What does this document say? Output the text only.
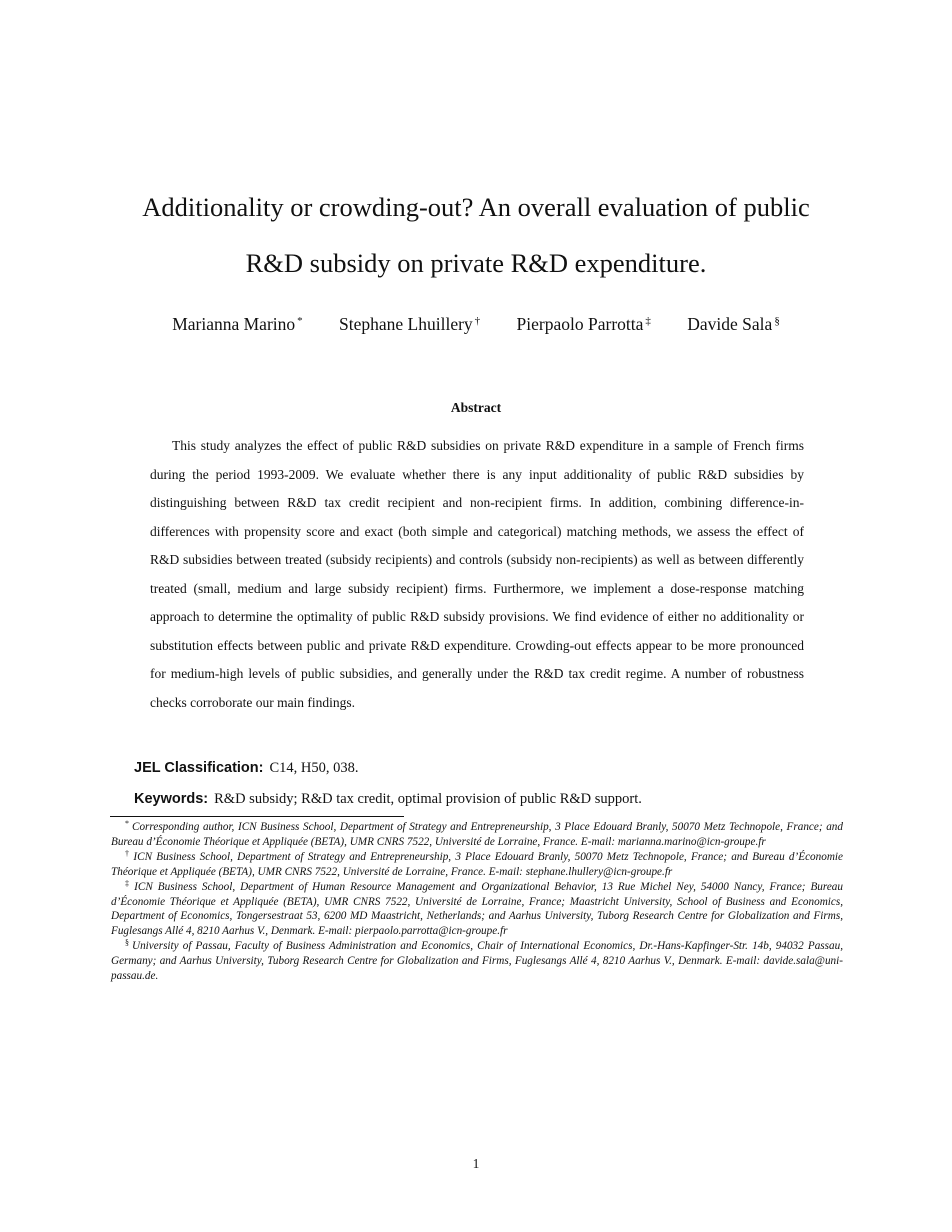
Additionality or crowding-out? An overall evaluation of public
R&D subsidy on private R&D expenditure.
Marianna Marino * Stephane Lhuillery † Pierpaolo Parrotta ‡ Davide Sala §
Abstract

This study analyzes the effect of public R&D subsidies on private R&D expenditure in a sample of French firms during the period 1993-2009. We evaluate whether there is any input additionality of public R&D subsidies by distinguishing between R&D tax credit recipient and non-recipient firms. In addition, combining difference-in-differences with propensity score and exact (both simple and categorical) matching methods, we assess the effect of R&D subsidies between treated (subsidy recipients) and controls (subsidy non-recipients) as well as between differently treated (small, medium and large subsidy recipient) firms. Furthermore, we implement a dose-response matching approach to determine the optimality of public R&D subsidy provisions. We find evidence of either no additionality or substitution effects between public and private R&D expenditure. Crowding-out effects appear to be more pronounced for medium-high levels of public subsidies, and generally under the R&D tax credit regime. A number of robustness checks corroborate our main findings.

JEL Classification: C14, H50, 038.
Keywords: R&D subsidy; R&D tax credit, optimal provision of public R&D support.

* Corresponding author, ICN Business School, Department of Strategy and Entrepreneurship, 3 Place Edouard Branly, 50070 Metz Technopole, France; and Bureau d’Économie Théorique et Appliquée (BETA), UMR CNRS 7522, Université de Lorraine, France. E-mail: marianna.marino@icn-groupe.fr

† ICN Business School, Department of Strategy and Entrepreneurship, 3 Place Edouard Branly, 50070 Metz Technopole, France; and Bureau d’Économie Théorique et Appliquée (BETA), UMR CNRS 7522, Université de Lorraine, France. E-mail: stephane.lhullery@icn-groupe.fr

‡ ICN Business School, Department of Human Resource Management and Organizational Behavior, 13 Rue Michel Ney, 54000 Nancy, France; Bureau d’Économie Théorique et Appliquée (BETA), UMR CNRS 7522, Université de Lorraine, France; Maastricht University, School of Business and Economics, Department of Economics, Tongersestraat 53, 6200 MD Maastricht, Netherlands; and Aarhus University, Tuborg Research Centre for Globalization and Firms, Fuglesangs Allé 4, 8210 Aarhus V., Denmark. E-mail: pierpaolo.parrotta@icn-groupe.fr

§ University of Passau, Faculty of Business Administration and Economics, Chair of International Economics, Dr.-Hans-Kapfinger-Str. 14b, 94032 Passau, Germany; and Aarhus University, Tuborg Research Centre for Globalization and Firms, Fuglesangs Allé 4, 8210 Aarhus V., Denmark. E-mail: davide.sala@uni-passau.de.

1
